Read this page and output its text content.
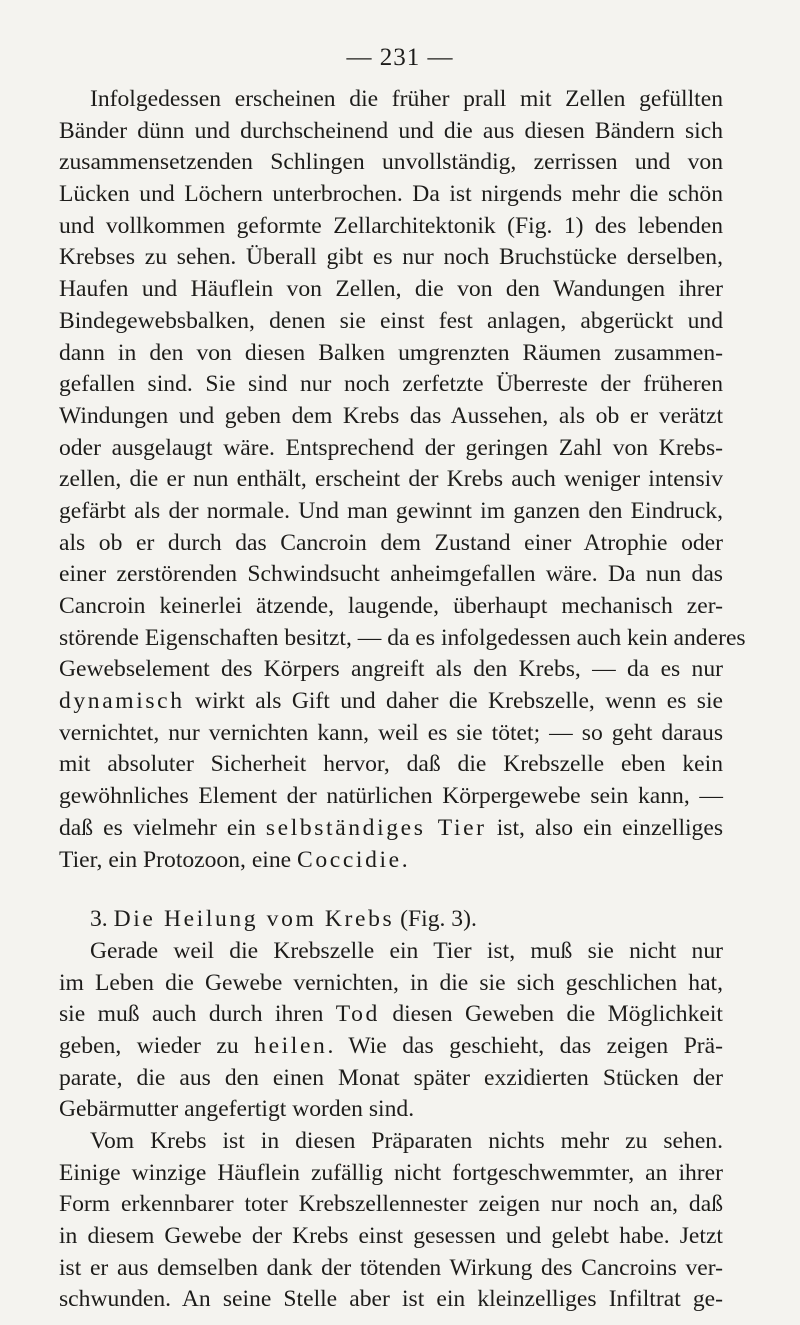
— 231 —
Infolgedessen erscheinen die früher prall mit Zellen gefüllten
Bänder dünn und durchscheinend und die aus diesen Bändern sich
zusammensetzenden Schlingen unvollständig, zerrissen und von
Lücken und Löchern unterbrochen. Da ist nirgends mehr die schön
und vollkommen geformte Zellarchitektonik (Fig. 1) des lebenden
Krebses zu sehen. Überall gibt es nur noch Bruchstücke derselben,
Haufen und Häuflein von Zellen, die von den Wandungen ihrer
Bindegewebsbalken, denen sie einst fest anlagen, abgerückt und
dann in den von diesen Balken umgrenzten Räumen zusammen-
gefallen sind. Sie sind nur noch zerfetzte Überreste der früheren
Windungen und geben dem Krebs das Aussehen, als ob er verätzt
oder ausgelaugt wäre. Entsprechend der geringen Zahl von Krebs-
zellen, die er nun enthält, erscheint der Krebs auch weniger intensiv
gefärbt als der normale. Und man gewinnt im ganzen den Eindruck,
als ob er durch das Cancroin dem Zustand einer Atrophie oder
einer zerstörenden Schwindsucht anheimgefallen wäre. Da nun das
Cancroin keinerlei ätzende, laugende, überhaupt mechanisch zer-
störende Eigenschaften besitzt, — da es infolgedessen auch kein anderes
Gewebselement des Körpers angreift als den Krebs, — da es nur
dynamisch wirkt als Gift und daher die Krebszelle, wenn es sie
vernichtet, nur vernichten kann, weil es sie tötet; — so geht daraus
mit absoluter Sicherheit hervor, daß die Krebszelle eben kein
gewöhnliches Element der natürlichen Körpergewebe sein kann, —
daß es vielmehr ein selbständiges Tier ist, also ein einzelliges
Tier, ein Protozoon, eine Coccidie.
3. Die Heilung vom Krebs (Fig. 3).
Gerade weil die Krebszelle ein Tier ist, muß sie nicht nur
im Leben die Gewebe vernichten, in die sie sich geschlichen hat,
sie muß auch durch ihren Tod diesen Geweben die Möglichkeit
geben, wieder zu heilen. Wie das geschieht, das zeigen Prä-
parate, die aus den einen Monat später exzidierten Stücken der
Gebärmutter angefertigt worden sind.
Vom Krebs ist in diesen Präparaten nichts mehr zu sehen.
Einige winzige Häuflein zufällig nicht fortgeschwemmter, an ihrer
Form erkennbarer toter Krebszellennester zeigen nur noch an, daß
in diesem Gewebe der Krebs einst gesessen und gelebt habe. Jetzt
ist er aus demselben dank der tötenden Wirkung des Cancroins ver-
schwunden. An seine Stelle aber ist ein kleinzelliges Infiltrat ge-
